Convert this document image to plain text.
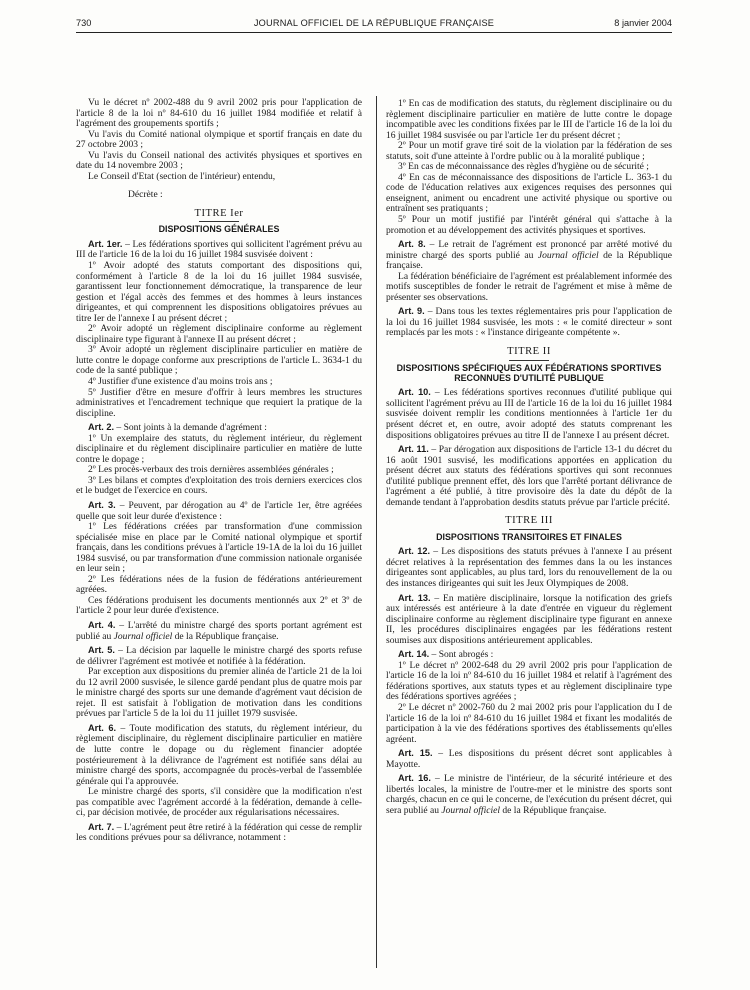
730	JOURNAL OFFICIEL DE LA RÉPUBLIQUE FRANÇAISE	8 janvier 2004

Vu le décret nº 2002-488 du 9 avril 2002 pris pour l'application de l'article 8 de la loi nº 84-610 du 16 juillet 1984 modifiée et relatif à l'agrément des groupements sportifs ;

Vu l'avis du Comité national olympique et sportif français en date du 27 octobre 2003 ;

Vu l'avis du Conseil national des activités physiques et sportives en date du 14 novembre 2003 ;

Le Conseil d'Etat (section de l'intérieur) entendu,

Décrète :

TITRE Ier
DISPOSITIONS GÉNÉRALES

Art. 1er. – Les fédérations sportives qui sollicitent l'agrément prévu au III de l'article 16 de la loi du 16 juillet 1984 susvisée doivent :

1º Avoir adopté des statuts comportant des dispositions qui, conformément à l'article 8 de la loi du 16 juillet 1984 susvisée, garantissent leur fonctionnement démocratique, la transparence de leur gestion et l'égal accès des femmes et des hommes à leurs instances dirigeantes, et qui comprennent les dispositions obligatoires prévues au titre Ier de l'annexe I au présent décret ;

2º Avoir adopté un règlement disciplinaire conforme au règlement disciplinaire type figurant à l'annexe II au présent décret ;

3º Avoir adopté un règlement disciplinaire particulier en matière de lutte contre le dopage conforme aux prescriptions de l'article L. 3634-1 du code de la santé publique ;

4º Justifier d'une existence d'au moins trois ans ;

5º Justifier d'être en mesure d'offrir à leurs membres les structures administratives et l'encadrement technique que requiert la pratique de la discipline.

Art. 2. – Sont joints à la demande d'agrément :

1º Un exemplaire des statuts, du règlement intérieur, du règlement disciplinaire et du règlement disciplinaire particulier en matière de lutte contre le dopage ;

2º Les procès-verbaux des trois dernières assemblées générales ;

3º Les bilans et comptes d'exploitation des trois derniers exercices clos et le budget de l'exercice en cours.

Art. 3. – Peuvent, par dérogation au 4º de l'article 1er, être agréées quelle que soit leur durée d'existence :

1º Les fédérations créées par transformation d'une commission spécialisée mise en place par le Comité national olympique et sportif français, dans les conditions prévues à l'article 19-1A de la loi du 16 juillet 1984 susvisé, ou par transformation d'une commission nationale organisée en leur sein ;

2º Les fédérations nées de la fusion de fédérations antérieurement agréées.

Ces fédérations produisent les documents mentionnés aux 2º et 3º de l'article 2 pour leur durée d'existence.

Art. 4. – L'arrêté du ministre chargé des sports portant agrément est publié au Journal officiel de la République française.

Art. 5. – La décision par laquelle le ministre chargé des sports refuse de délivrer l'agrément est motivée et notifiée à la fédération.

Par exception aux dispositions du premier alinéa de l'article 21 de la loi du 12 avril 2000 susvisée, le silence gardé pendant plus de quatre mois par le ministre chargé des sports sur une demande d'agrément vaut décision de rejet. Il est satisfait à l'obligation de motivation dans les conditions prévues par l'article 5 de la loi du 11 juillet 1979 susvisée.

Art. 6. – Toute modification des statuts, du règlement intérieur, du règlement disciplinaire, du règlement disciplinaire particulier en matière de lutte contre le dopage ou du règlement financier adoptée postérieurement à la délivrance de l'agrément est notifiée sans délai au ministre chargé des sports, accompagnée du procès-verbal de l'assemblée générale qui l'a approuvée.

Le ministre chargé des sports, s'il considère que la modification n'est pas compatible avec l'agrément accordé à la fédération, demande à celle-ci, par décision motivée, de procéder aux régularisations nécessaires.

Art. 7. – L'agrément peut être retiré à la fédération qui cesse de remplir les conditions prévues pour sa délivrance, notamment :

1º En cas de modification des statuts, du règlement disciplinaire ou du règlement disciplinaire particulier en matière de lutte contre le dopage incompatible avec les conditions fixées par le III de l'article 16 de la loi du 16 juillet 1984 susvisée ou par l'article 1er du présent décret ;

2º Pour un motif grave tiré soit de la violation par la fédération de ses statuts, soit d'une atteinte à l'ordre public ou à la moralité publique ;

3º En cas de méconnaissance des règles d'hygiène ou de sécurité ;

4º En cas de méconnaissance des dispositions de l'article L. 363-1 du code de l'éducation relatives aux exigences requises des personnes qui enseignent, animent ou encadrent une activité physique ou sportive ou entraînent ses pratiquants ;

5º Pour un motif justifié par l'intérêt général qui s'attache à la promotion et au développement des activités physiques et sportives.

Art. 8. – Le retrait de l'agrément est prononcé par arrêté motivé du ministre chargé des sports publié au Journal officiel de la République française.

La fédération bénéficiaire de l'agrément est préalablement informée des motifs susceptibles de fonder le retrait de l'agrément et mise à même de présenter ses observations.

Art. 9. – Dans tous les textes réglementaires pris pour l'application de la loi du 16 juillet 1984 susvisée, les mots : « le comité directeur » sont remplacés par les mots : « l'instance dirigeante compétente ».

TITRE II
DISPOSITIONS SPÉCIFIQUES AUX FÉDÉRATIONS SPORTIVES RECONNUES D'UTILITÉ PUBLIQUE

Art. 10. – Les fédérations sportives reconnues d'utilité publique qui sollicitent l'agrément prévu au III de l'article 16 de la loi du 16 juillet 1984 susvisée doivent remplir les conditions mentionnées à l'article 1er du présent décret et, en outre, avoir adopté des statuts comprenant les dispositions obligatoires prévues au titre II de l'annexe I au présent décret.

Art. 11. – Par dérogation aux dispositions de l'article 13-1 du décret du 16 août 1901 susvisé, les modifications apportées en application du présent décret aux statuts des fédérations sportives qui sont reconnues d'utilité publique prennent effet, dès lors que l'arrêté portant délivrance de l'agrément a été publié, à titre provisoire dès la date du dépôt de la demande tendant à l'approbation desdits statuts prévue par l'article précité.

TITRE III
DISPOSITIONS TRANSITOIRES ET FINALES

Art. 12. – Les dispositions des statuts prévues à l'annexe I au présent décret relatives à la représentation des femmes dans la ou les instances dirigeantes sont applicables, au plus tard, lors du renouvellement de la ou des instances dirigeantes qui suit les Jeux Olympiques de 2008.

Art. 13. – En matière disciplinaire, lorsque la notification des griefs aux intéressés est antérieure à la date d'entrée en vigueur du règlement disciplinaire conforme au règlement disciplinaire type figurant en annexe II, les procédures disciplinaires engagées par les fédérations restent soumises aux dispositions antérieurement applicables.

Art. 14. – Sont abrogés :

1º Le décret nº 2002-648 du 29 avril 2002 pris pour l'application de l'article 16 de la loi nº 84-610 du 16 juillet 1984 et relatif à l'agrément des fédérations sportives, aux statuts types et au règlement disciplinaire type des fédérations sportives agréées ;

2º Le décret nº 2002-760 du 2 mai 2002 pris pour l'application du I de l'article 16 de la loi nº 84-610 du 16 juillet 1984 et fixant les modalités de participation à la vie des fédérations sportives des établissements qu'elles agréent.

Art. 15. – Les dispositions du présent décret sont applicables à Mayotte.

Art. 16. – Le ministre de l'intérieur, de la sécurité intérieure et des libertés locales, la ministre de l'outre-mer et le ministre des sports sont chargés, chacun en ce qui le concerne, de l'exécution du présent décret, qui sera publié au Journal officiel de la République française.
